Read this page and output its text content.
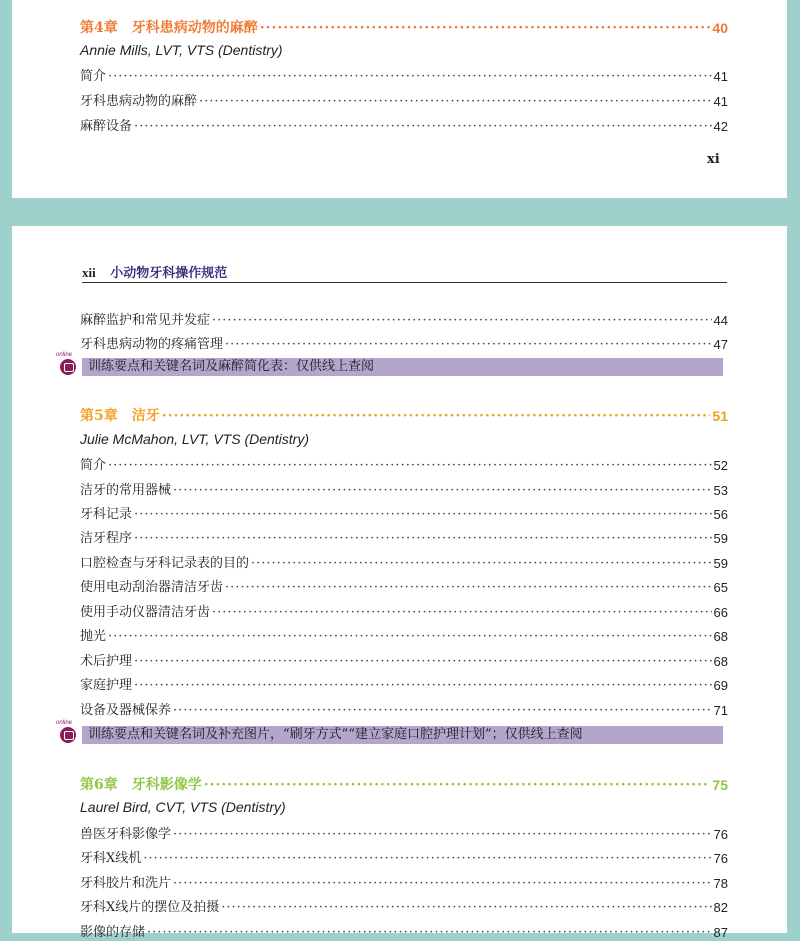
第4章　牙科患病动物的麻醉 ·····	40
Annie Mills, LVT, VTS (Dentistry)
简介 ·····	41
牙科患病动物的麻醉 ·····	41
麻醉设备 ·····	42
xi
xii 小动物牙科操作规范
麻醉监护和常见并发症 ·····	44
牙科患病动物的疼痛管理 ·····	47
online
训练要点和关键名词及麻醉简化表：仅供线上查阅
第5章　洁牙 ·····	51
Julie McMahon, LVT, VTS (Dentistry)
简介 ·····	52
洁牙的常用器械 ·····	53
牙科记录 ·····	56
洁牙程序 ·····	59
口腔检查与牙科记录表的目的 ·····	59
使用电动刮治器清洁牙齿 ·····	65
使用手动仪器清洁牙齿 ·····	66
抛光 ·····	68
术后护理 ·····	68
家庭护理 ·····	69
设备及器械保养 ·····	71
online
训练要点和关键名词及补充图片，“刷牙方式”“建立家庭口腔护理计划”；仅供线上查阅
第6章　牙科影像学 ·····	75
Laurel Bird, CVT, VTS (Dentistry)
兽医牙科影像学 ·····	76
牙科X线机 ·····	76
牙科胶片和洗片 ·····	78
牙科X线片的摆位及拍摄 ·····	82
影像的存储 ·····	87
